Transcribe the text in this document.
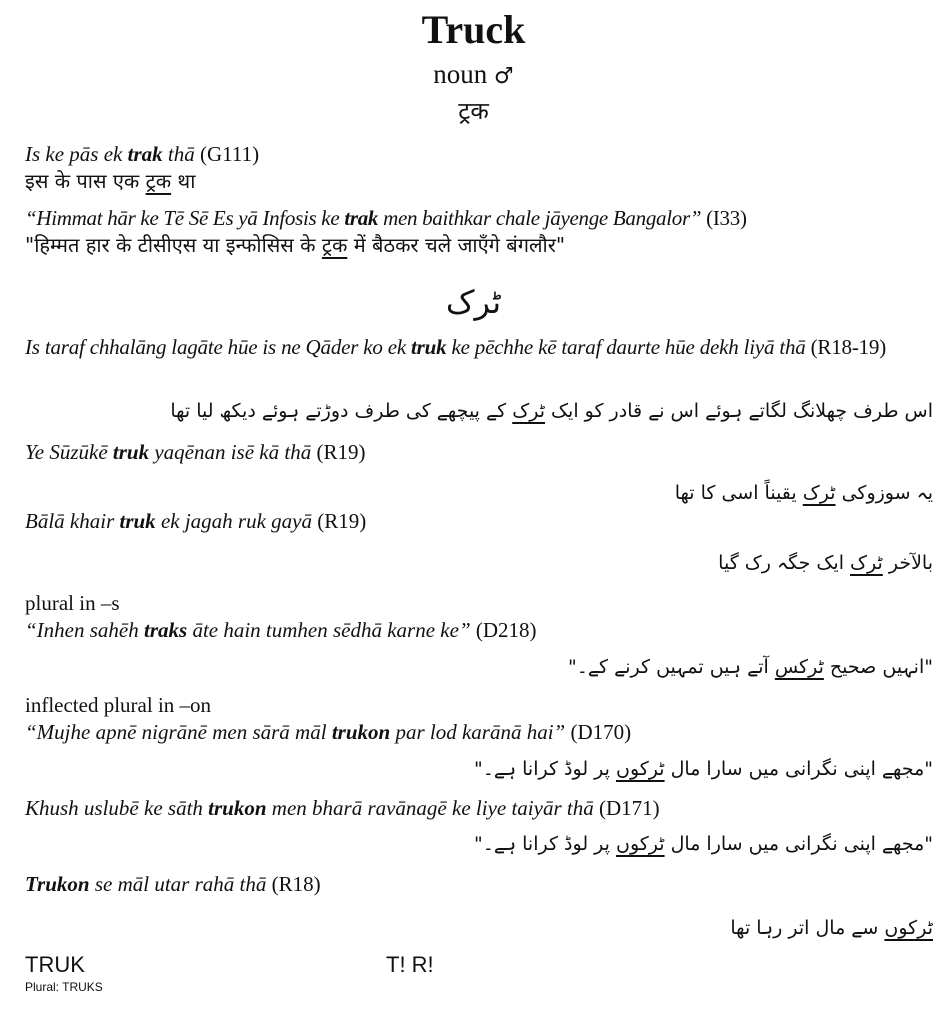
Truck
noun ♂
ट्रक
Is ke pās ek trak thā (G111)
इस के पास एक ट्रक था
“Himmat hār ke Tē Sē Es yā Infosis ke trak men baithkar chale jāyenge Bangalor” (I33)
"हिम्मत हार के टीसीएस या इन्फोसिस के ट्रक में बैठकर चले जाएँगे बंगलौर"
ٹرک
Is taraf chhalāng lagāte hūe is ne Qāder ko ek truk ke pēchhe kē taraf daurte hūe dekh liyā thā (R18-19)
اس طرف چھلانگ لگاتے ہوئے اس نے قادر کو ایک ٹرک کے پیچھے کی طرف دوڑتے ہوئے دیکھ لیا تھا
Ye Sūzūkē truk yaqēnan isē kā thā (R19)
یہ سوزوکی ٹرک یقیناً اسی کا تھا
Bālā khair truk ek jagah ruk gayā (R19)
بالآخر ٹرک ایک جگہ رک گیا
plural in –s
“Inhen sahēh traks āte hain tumhen sēdhā karne ke” (D218)
"انہیں صحیح ٹرکس آتے ہیں تمہیں کرنے کے۔"
inflected plural in –on
“Mujhe apnē nigrānē men sārā māl trukon par lod karānā hai” (D170)
"مجھے اپنی نگرانی میں سارا مال ٹرکوں پر لوڈ کرانا ہے۔"
Khush uslubē ke sāth trukon men bharā ravānagē ke liye taiyār thā (D171)
"مجھے اپنی نگرانی میں سارا مال ٹرکوں پر لوڈ کرانا ہے۔"
Trukon se māl utar rahā thā (R18)
ٹرکوں سے مال اتر رہا تھا
TRUK
Plural: TRUKS
T! R!
